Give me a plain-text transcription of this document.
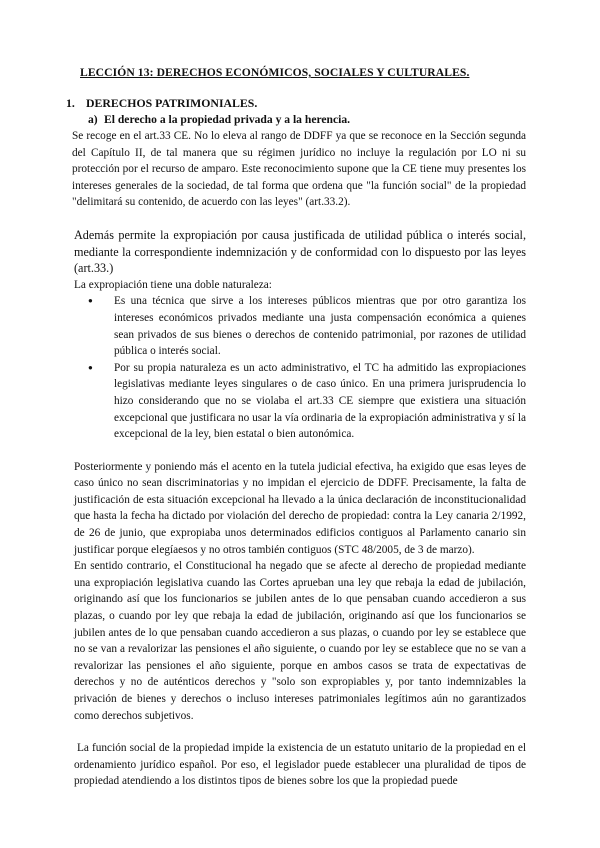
LECCIÓN 13: DERECHOS ECONÓMICOS, SOCIALES Y CULTURALES.
1. DERECHOS PATRIMONIALES.
a) El derecho a la propiedad privada y a la herencia.

Se recoge en el art.33 CE. No lo eleva al rango de DDFF ya que se reconoce en la Sección segunda del Capítulo II, de tal manera que su régimen jurídico no incluye la regulación por LO ni su protección por el recurso de amparo. Este reconocimiento supone que la CE tiene muy presentes los intereses generales de la sociedad, de tal forma que ordena que "la función social" de la propiedad "delimitará su contenido, de acuerdo con las leyes" (art.33.2).

Además permite la expropiación por causa justificada de utilidad pública o interés social, mediante la correspondiente indemnización y de conformidad con lo dispuesto por las leyes (art.33.)

La expropiación tiene una doble naturaleza:

● Es una técnica que sirve a los intereses públicos mientras que por otro garantiza los intereses económicos privados mediante una justa compensación económica a quienes sean privados de sus bienes o derechos de contenido patrimonial, por razones de utilidad pública o interés social.
● Por su propia naturaleza es un acto administrativo, el TC ha admitido las expropiaciones legislativas mediante leyes singulares o de caso único. En una primera jurisprudencia lo hizo considerando que no se violaba el art.33 CE siempre que existiera una situación excepcional que justificara no usar la vía ordinaria de la expropiación administrativa y sí la excepcional de la ley, bien estatal o bien autonómica.

Posteriormente y poniendo más el acento en la tutela judicial efectiva, ha exigido que esas leyes de caso único no sean discriminatorias y no impidan el ejercicio de DDFF. Precisamente, la falta de justificación de esta situación excepcional ha llevado a la única declaración de inconstitucionalidad que hasta la fecha ha dictado por violación del derecho de propiedad: contra la Ley canaria 2/1992, de 26 de junio, que expropiaba unos determinados edificios contiguos al Parlamento canario sin justificar porque elegíaesos y no otros también contiguos (STC 48/2005, de 3 de marzo).

En sentido contrario, el Constitucional ha negado que se afecte al derecho de propiedad mediante una expropiación legislativa cuando las Cortes aprueban una ley que rebaja la edad de jubilación, originando así que los funcionarios se jubilen antes de lo que pensaban cuando accedieron a sus plazas, o cuando por ley que rebaja la edad de jubilación, originando así que los funcionarios se jubilen antes de lo que pensaban cuando accedieron a sus plazas, o cuando por ley se establece que no se van a revalorizar las pensiones el año siguiente, o cuando por ley se establece que no se van a revalorizar las pensiones el año siguiente, porque en ambos casos se trata de expectativas de derechos y no de auténticos derechos y "solo son expropiables y, por tanto indemnizables la privación de bienes y derechos o incluso intereses patrimoniales legítimos aún no garantizados como derechos subjetivos.

La función social de la propiedad impide la existencia de un estatuto unitario de la propiedad en el ordenamiento jurídico español. Por eso, el legislador puede establecer una pluralidad de tipos de propiedad atendiendo a los distintos tipos de bienes sobre los que la propiedad puede
